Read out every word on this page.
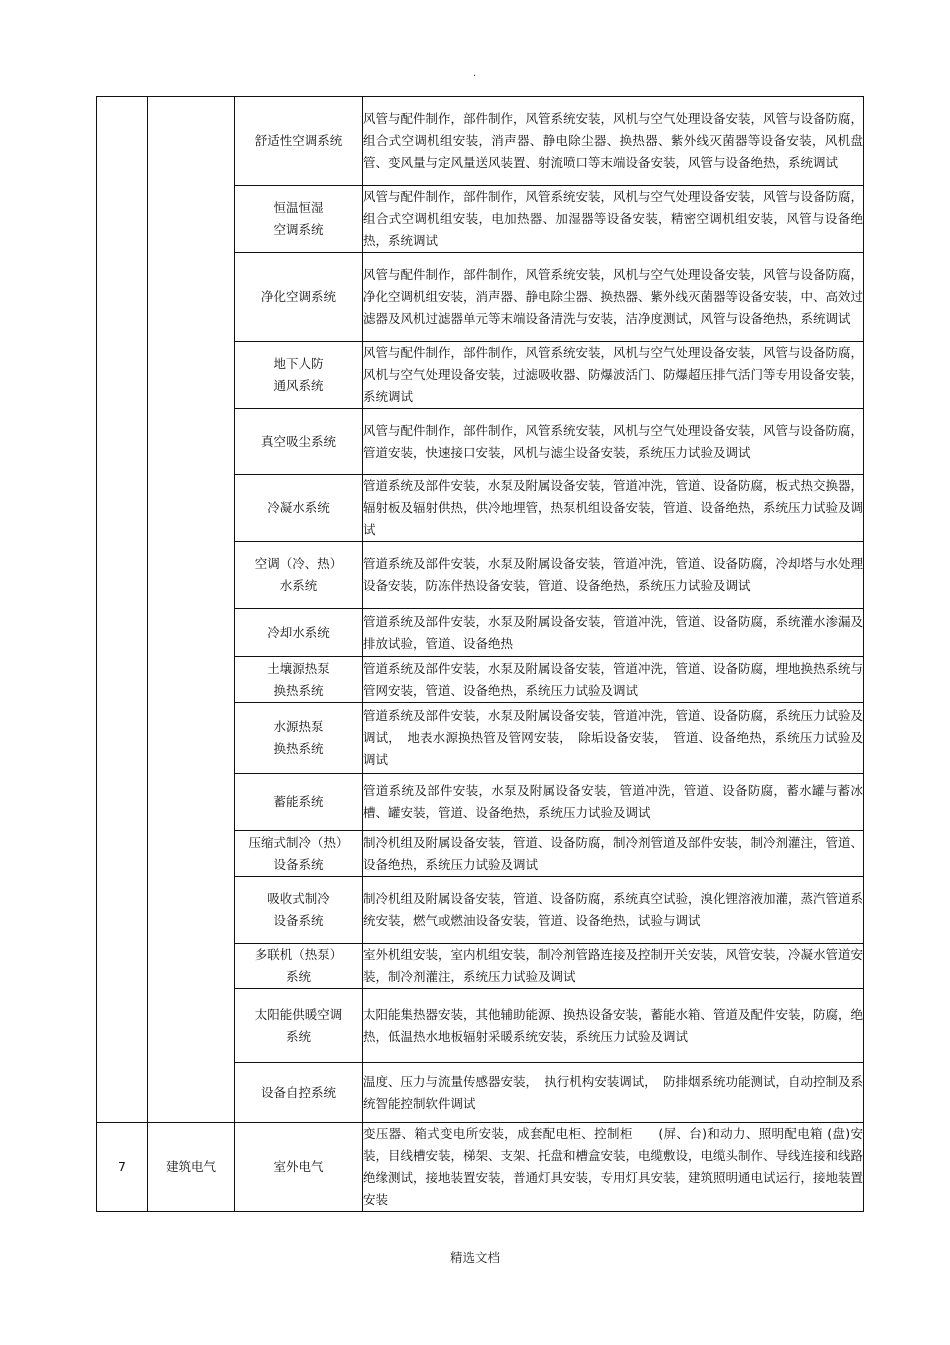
.
		舒适性空调系统	风管与配件制作，部件制作，风管系统安装，风机与空气处理设备安装，风管与设备防腐，组合式空调机组安装，消声器、静电除尘器、换热器、紫外线灭菌器等设备安装，风机盘管、变风量与定风量送风装置、射流喷口等末端设备安装，风管与设备绝热，系统调试
		恒温恒湿
空调系统	风管与配件制作，部件制作，风管系统安装，风机与空气处理设备安装，风管与设备防腐，组合式空调机组安装，电加热器、加湿器等设备安装，精密空调机组安装，风管与设备绝热，系统调试
		净化空调系统	风管与配件制作，部件制作，风管系统安装，风机与空气处理设备安装，风管与设备防腐，净化空调机组安装，消声器、静电除尘器、换热器、紫外线灭菌器等设备安装，中、高效过滤器及风机过滤器单元等末端设备清洗与安装，洁净度测试，风管与设备绝热，系统调试
		地下人防
通风系统	风管与配件制作，部件制作，风管系统安装，风机与空气处理设备安装，风管与设备防腐，风机与空气处理设备安装，过滤吸收器、防爆波活门、防爆超压排气活门等专用设备安装，系统调试
		真空吸尘系统	风管与配件制作，部件制作，风管系统安装，风机与空气处理设备安装，风管与设备防腐，管道安装，快速接口安装，风机与滤尘设备安装，系统压力试验及调试
		冷凝水系统	管道系统及部件安装，水泵及附属设备安装，管道冲洗，管道、设备防腐，板式热交换器，辐射板及辐射供热，供冷地埋管，热泵机组设备安装，管道、设备绝热，系统压力试验及调试
		空调（冷、热）
水系统	管道系统及部件安装，水泵及附属设备安装，管道冲洗，管道、设备防腐，冷却塔与水处理设备安装，防冻伴热设备安装，管道、设备绝热，系统压力试验及调试
		冷却水系统	管道系统及部件安装，水泵及附属设备安装，管道冲洗，管道、设备防腐，系统灌水渗漏及排放试验，管道、设备绝热
		土壤源热泵
换热系统	管道系统及部件安装，水泵及附属设备安装，管道冲洗，管道、设备防腐，埋地换热系统与管网安装，管道、设备绝热，系统压力试验及调试
		水源热泵
换热系统	管道系统及部件安装，水泵及附属设备安装，管道冲洗，管道、设备防腐，系统压力试验及调试，　地表水源换热管及管网安装，　除垢设备安装，　管道、设备绝热，系统压力试验及调试
		蓄能系统	管道系统及部件安装，水泵及附属设备安装，管道冲洗，管道、设备防腐，蓄水罐与蓄冰槽、罐安装，管道、设备绝热，系统压力试验及调试
		压缩式制冷（热）
设备系统	制冷机组及附属设备安装，管道、设备防腐，制冷剂管道及部件安装，制冷剂灌注，管道、设备绝热，系统压力试验及调试
		吸收式制冷
设备系统	制冷机组及附属设备安装，管道、设备防腐，系统真空试验，溴化锂溶液加灌，蒸汽管道系统安装，燃气或燃油设备安装，管道、设备绝热，试验与调试
		多联机（热泵）
系统	室外机组安装，室内机组安装，制冷剂管路连接及控制开关安装，风管安装，冷凝水管道安装，制冷剂灌注，系统压力试验及调试
		太阳能供暖空调
系统	太阳能集热器安装，其他辅助能源、换热设备安装，蓄能水箱、管道及配件安装，防腐，绝热，低温热水地板辐射采暖系统安装，系统压力试验及调试
		设备自控系统	温度、压力与流量传感器安装，　执行机构安装调试，　防排烟系统功能测试，自动控制及系统智能控制软件调试
7	建筑电气	室外电气	变压器、箱式变电所安装，成套配电柜、控制柜　　(屏、台)和动力、照明配电箱 (盘)安装，目线槽安装，梯架、支架、托盘和槽盒安装，电缆敷设，电缆头制作、导线连接和线路绝缘测试，接地装置安装，普通灯具安装，专用灯具安装，建筑照明通电试运行，接地装置安装
精选文档
